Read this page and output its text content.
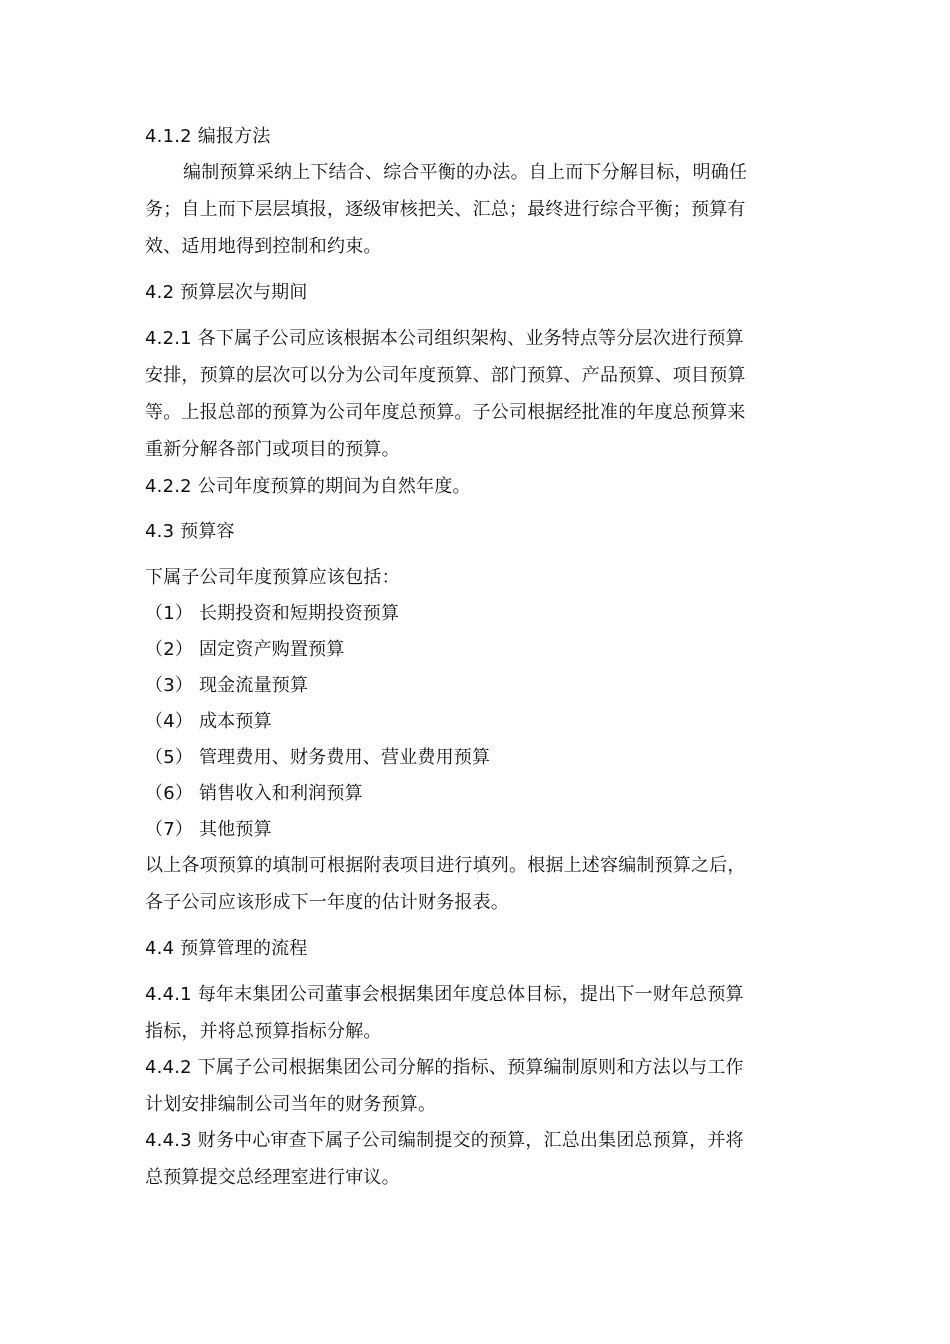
4.1.2 编报方法
编制预算采纳上下结合、综合平衡的办法。自上而下分解目标，明确任
务；自上而下层层填报，逐级审核把关、汇总；最终进行综合平衡；预算有
效、适用地得到控制和约束。
4.2 预算层次与期间
4.2.1 各下属子公司应该根据本公司组织架构、业务特点等分层次进行预算
安排，预算的层次可以分为公司年度预算、部门预算、产品预算、项目预算
等。上报总部的预算为公司年度总预算。子公司根据经批准的年度总预算来
重新分解各部门或项目的预算。
4.2.2 公司年度预算的期间为自然年度。
4.3 预算容
下属子公司年度预算应该包括：
（1） 长期投资和短期投资预算
（2） 固定资产购置预算
（3） 现金流量预算
（4） 成本预算
（5） 管理费用、财务费用、营业费用预算
（6） 销售收入和利润预算
（7） 其他预算
以上各项预算的填制可根据附表项目进行填列。根据上述容编制预算之后，
各子公司应该形成下一年度的估计财务报表。
4.4 预算管理的流程
4.4.1 每年末集团公司董事会根据集团年度总体目标，提出下一财年总预算
指标，并将总预算指标分解。
4.4.2 下属子公司根据集团公司分解的指标、预算编制原则和方法以与工作
计划安排编制公司当年的财务预算。
4.4.3 财务中心审查下属子公司编制提交的预算，汇总出集团总预算，并将
总预算提交总经理室进行审议。
